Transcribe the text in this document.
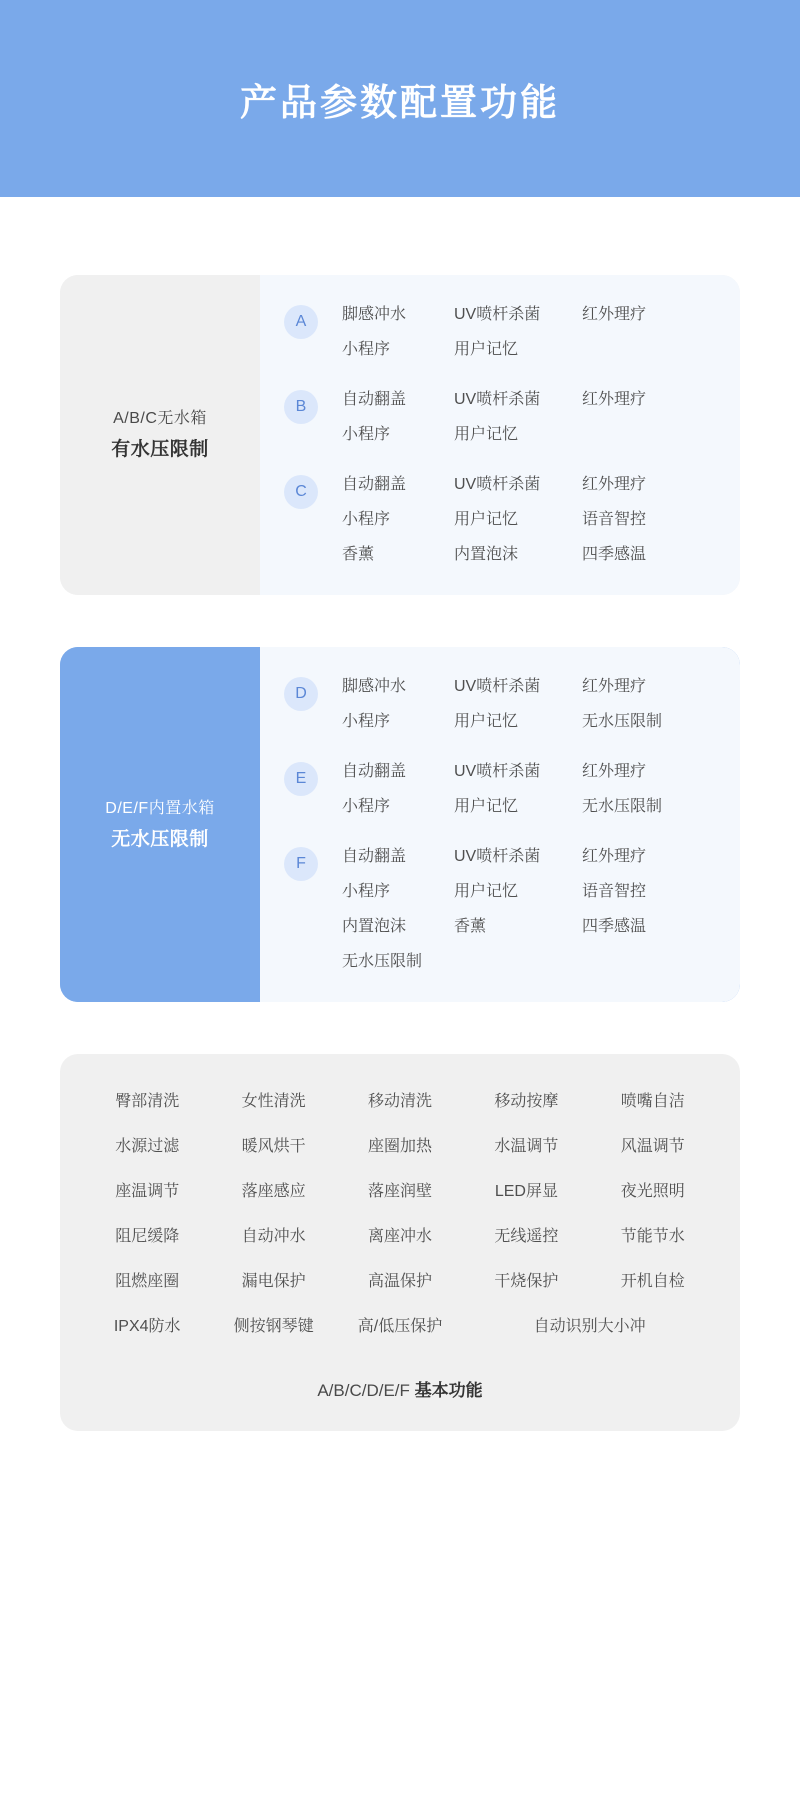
产品参数配置功能
A/B/C无水箱
有水压限制
A	脚感冲水	UV喷杆杀菌	红外理疗
小程序	用户记忆
B	自动翻盖	UV喷杆杀菌	红外理疗
小程序	用户记忆
C	自动翻盖	UV喷杆杀菌	红外理疗
小程序	用户记忆	语音智控
香薰	内置泡沫	四季感温
D/E/F内置水箱
无水压限制
D	脚感冲水	UV喷杆杀菌	红外理疗
小程序	用户记忆	无水压限制
E	自动翻盖	UV喷杆杀菌	红外理疗
小程序	用户记忆	无水压限制
F	自动翻盖	UV喷杆杀菌	红外理疗
小程序	用户记忆	语音智控
内置泡沫	香薰	四季感温
无水压限制
臀部清洗	女性清洗	移动清洗	移动按摩	喷嘴自洁
水源过滤	暖风烘干	座圈加热	水温调节	风温调节
座温调节	落座感应	落座润壁	LED屏显	夜光照明
阻尼缓降	自动冲水	离座冲水	无线遥控	节能节水
阻燃座圈	漏电保护	高温保护	干烧保护	开机自检
IPX4防水	侧按钢琴键	高/低压保护	自动识别大小冲
A/B/C/D/E/F 基本功能
